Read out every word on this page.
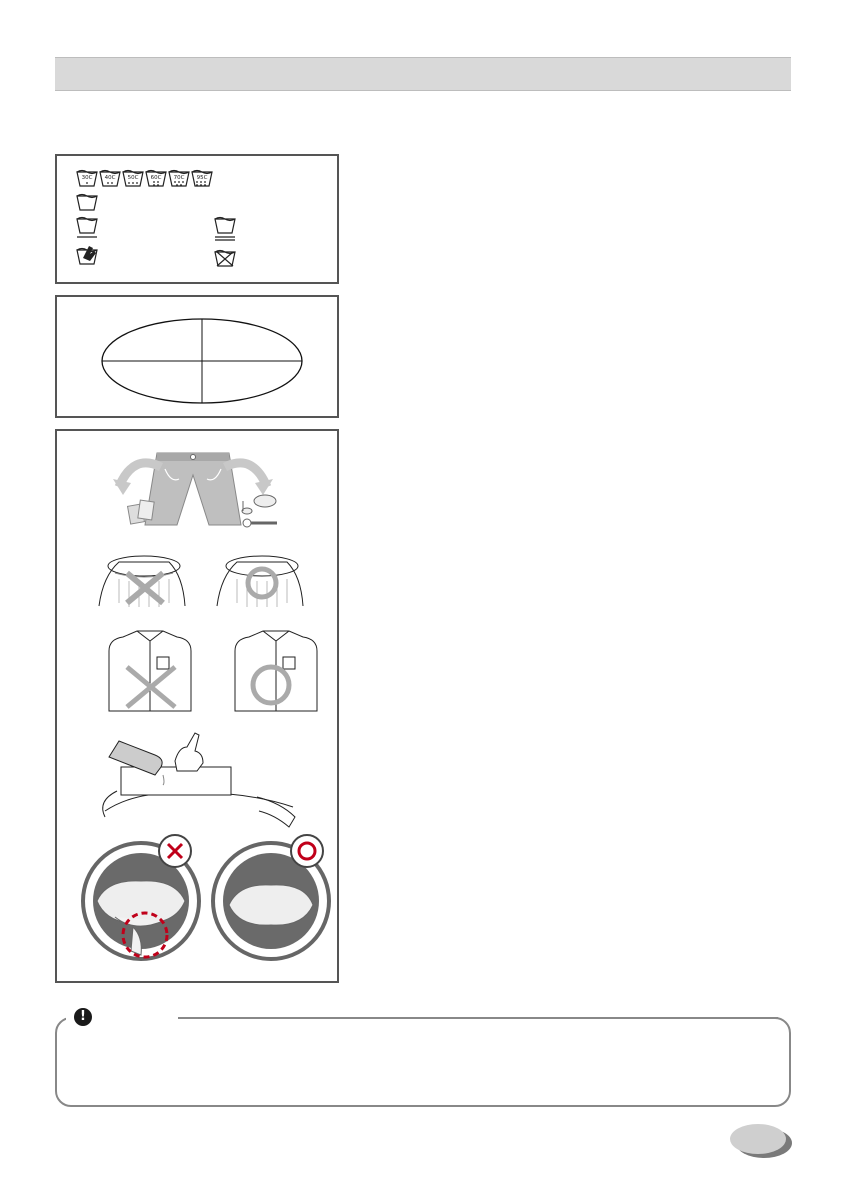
30C 40C 50C 60C 70C 95C
!
